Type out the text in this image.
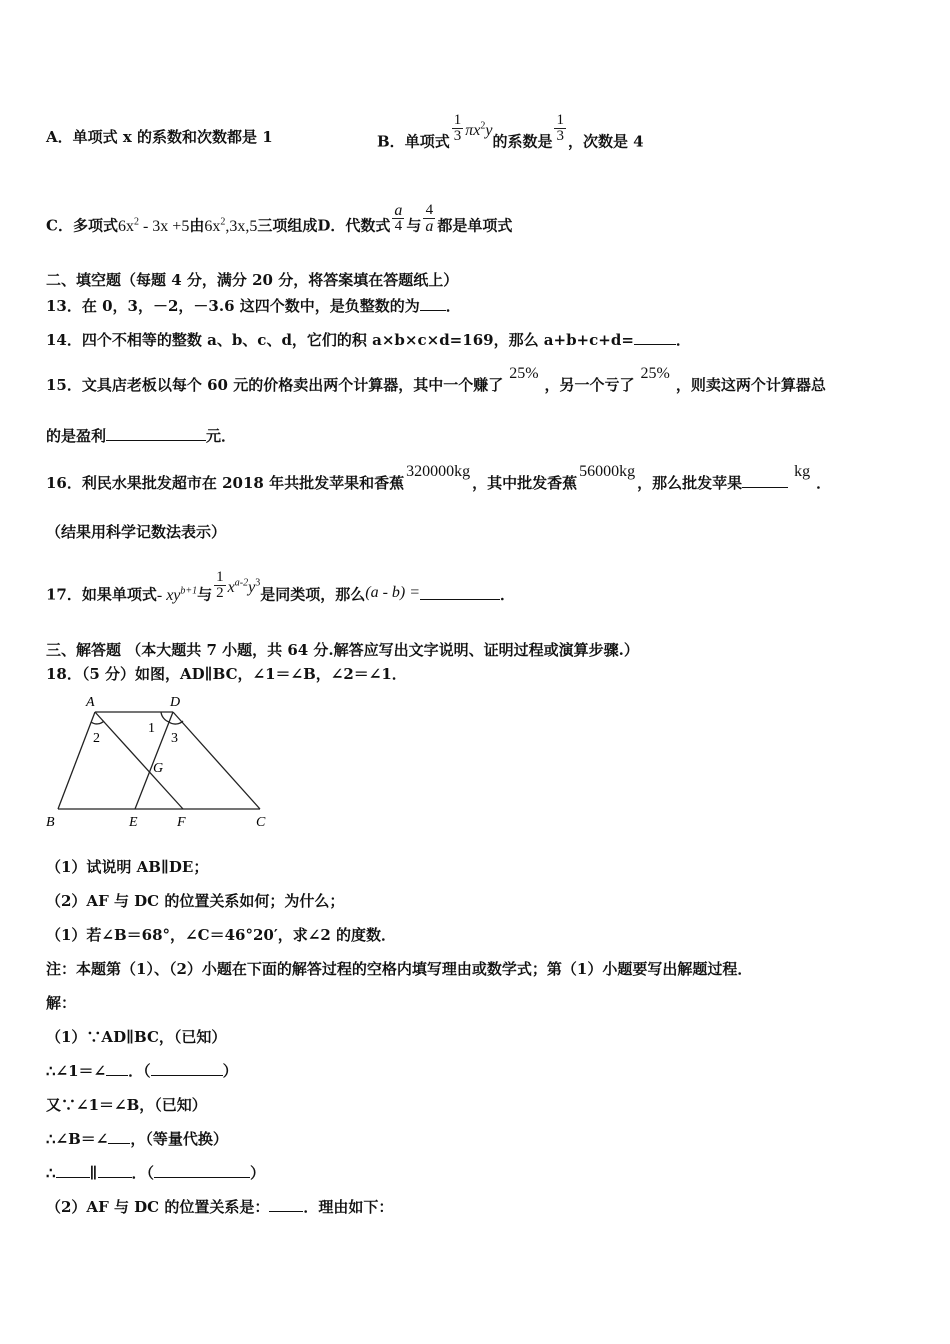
A．单项式 x 的系数和次数都是 1	B．单项式 $\frac{1}{3} \pi x^2y$的系数是 $\frac{1}{3}$ ，次数是 4
C．多项式$6x^2 - 3x +5$由$6x^2,3x,5$三项组成D．代数式 $\frac{a}{4}$ 与 $\frac{4}{a}$ 都是单项式
二、填空题（每题 4 分，满分 20 分，将答案填在答题纸上）
13．在 0，3，－2，－3.6 这四个数中，是负整数的为 ．
14．四个不相等的整数 a、b、c、d，它们的积 a×b×c×d=169，那么 a+b+c+d=	．
15．文具店老板以每个 60 元的价格卖出两个计算器，其中一个赚了25%，另一个亏了25%，则卖这两个计算器总
的是盈利	元．
16．利民水果批发超市在 2018 年共批发苹果和香蕉320000kg，其中批发香蕉56000kg，那么批发苹果kg．
（结果用科学记数法表示）
17．如果单项式- $xy^{b+1}$与 $\frac{1}{2} x^{a-2}y^3$是同类项，那么(a - b) =	．
三、解答题 （本大题共 7 小题，共 64 分.解答应写出文字说明、证明过程或演算步骤.）
18．（5 分）如图，AD∥BC，∠1＝∠B，∠2＝∠1．
A	D
B	E	F	C
G
1
2	3
（1）试说明 AB∥DE；
（2）AF 与 DC 的位置关系如何；为什么；
（1）若∠B＝68°，∠C＝46°20′，求∠2 的度数．
注：本题第（1）、（2）小题在下面的解答过程的空格内填写理由或数学式；第（1）小题要写出解题过程．
解：
（1）∵AD∥BC，（已知）
∴∠1＝∠ ．（	）
又∵∠1＝∠B，（已知）
∴∠B＝∠ ，（等量代换）
∴ ∥ ．（	）
（2）AF 与 DC 的位置关系是： ．理由如下：
